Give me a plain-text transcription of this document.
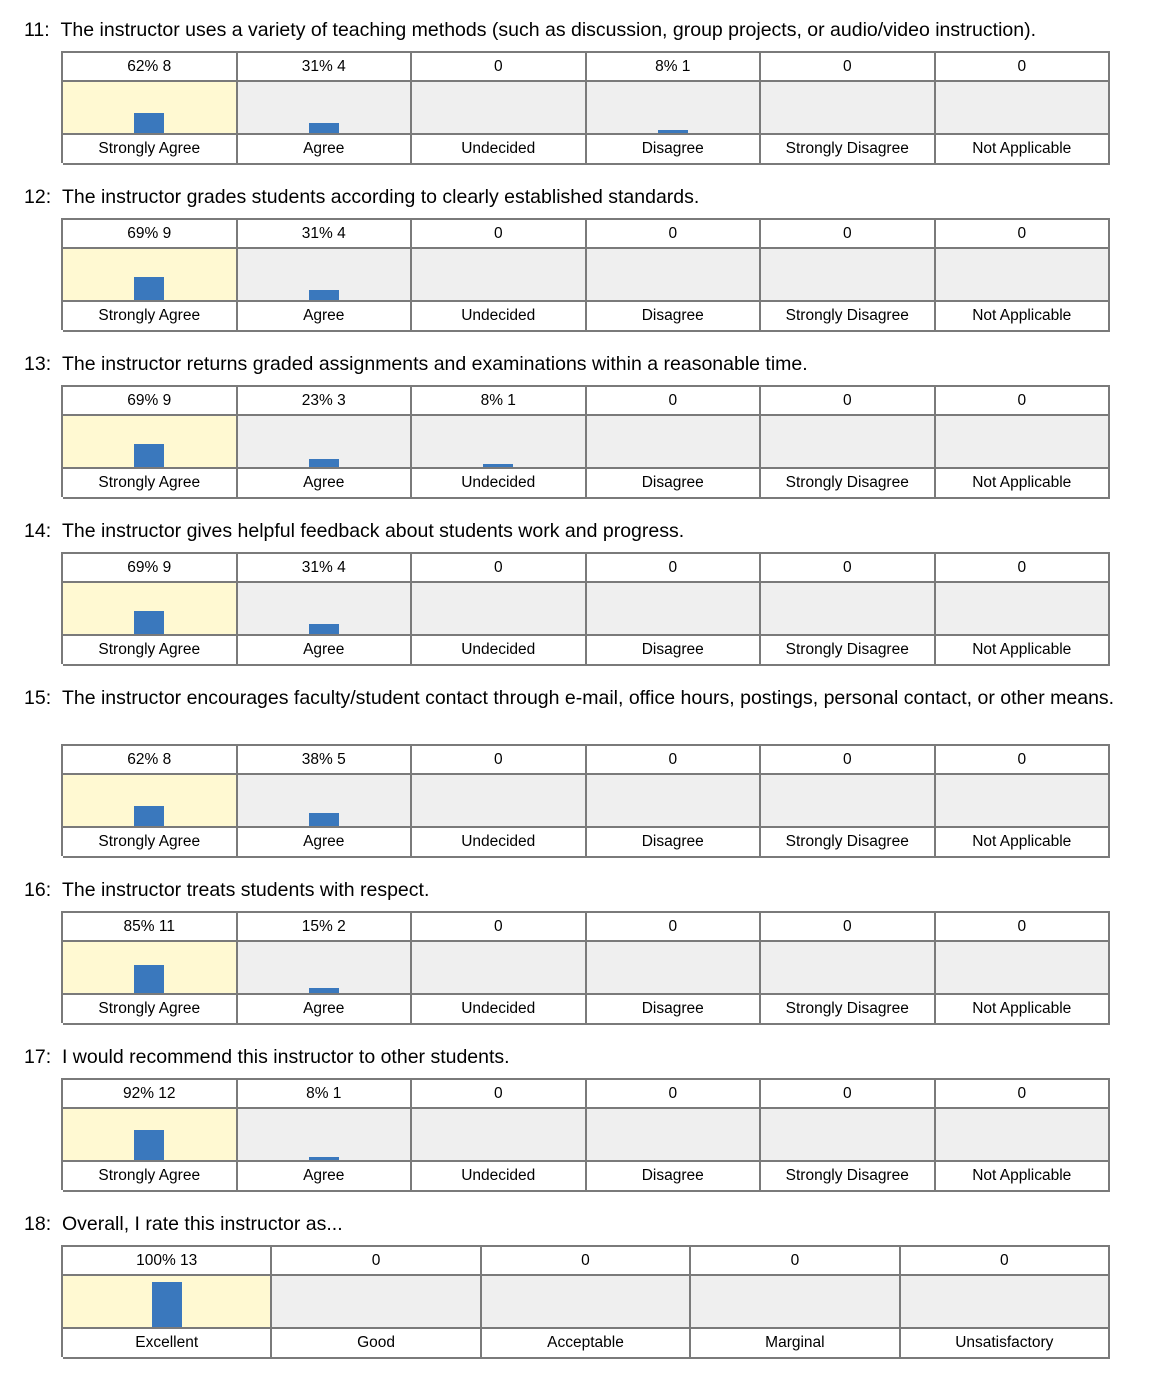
11: The instructor uses a variety of teaching methods (such as discussion, group projects, or audio/video instruction).
62% 8	31% 4	0	8% 1	0	0
Strongly Agree	Agree	Undecided	Disagree	Strongly Disagree	Not Applicable
12: The instructor grades students according to clearly established standards.
69% 9	31% 4	0	0	0	0
Strongly Agree	Agree	Undecided	Disagree	Strongly Disagree	Not Applicable
13: The instructor returns graded assignments and examinations within a reasonable time.
69% 9	23% 3	8% 1	0	0	0
Strongly Agree	Agree	Undecided	Disagree	Strongly Disagree	Not Applicable
14: The instructor gives helpful feedback about students work and progress.
69% 9	31% 4	0	0	0	0
Strongly Agree	Agree	Undecided	Disagree	Strongly Disagree	Not Applicable
15: The instructor encourages faculty/student contact through e-mail, office hours, postings, personal contact, or other means.
62% 8	38% 5	0	0	0	0
Strongly Agree	Agree	Undecided	Disagree	Strongly Disagree	Not Applicable
16: The instructor treats students with respect.
85% 11	15% 2	0	0	0	0
Strongly Agree	Agree	Undecided	Disagree	Strongly Disagree	Not Applicable
17: I would recommend this instructor to other students.
92% 12	8% 1	0	0	0	0
Strongly Agree	Agree	Undecided	Disagree	Strongly Disagree	Not Applicable
18: Overall, I rate this instructor as...
100% 13	0	0	0	0
Excellent	Good	Acceptable	Marginal	Unsatisfactory
